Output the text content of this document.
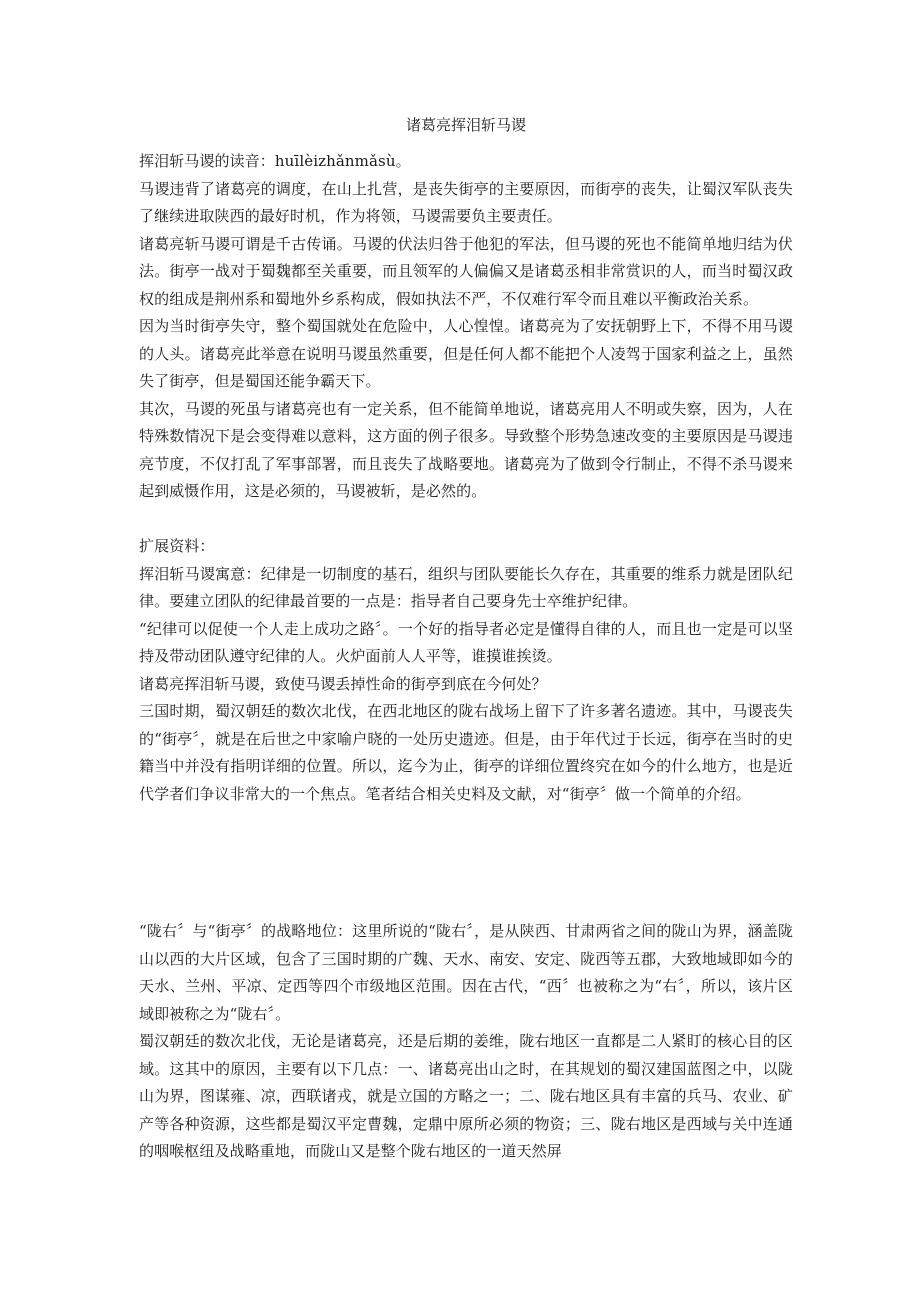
诸葛亮挥泪斩马谡

挥泪斩马谡的读音：huīlèizhǎnmǎsù。

马谡违背了诸葛亮的调度，在山上扎营，是丧失街亭的主要原因，而街亭的丧失，让蜀汉军队丧失了继续进取陕西的最好时机，作为将领，马谡需要负主要责任。

诸葛亮斩马谡可谓是千古传诵。马谡的伏法归咎于他犯的军法，但马谡的死也不能简单地归结为伏法。街亭一战对于蜀魏都至关重要，而且领军的人偏偏又是诸葛丞相非常赏识的人，而当时蜀汉政权的组成是荆州系和蜀地外乡系构成，假如执法不严，不仅难行军令而且难以平衡政治关系。

因为当时街亭失守，整个蜀国就处在危险中，人心惶惶。诸葛亮为了安抚朝野上下，不得不用马谡的人头。诸葛亮此举意在说明马谡虽然重要，但是任何人都不能把个人凌驾于国家利益之上，虽然失了街亭，但是蜀国还能争霸天下。

其次，马谡的死虽与诸葛亮也有一定关系，但不能简单地说，诸葛亮用人不明或失察，因为，人在特殊数情况下是会变得难以意料，这方面的例子很多。导致整个形势急速改变的主要原因是马谡违亮节度，不仅打乱了军事部署，而且丧失了战略要地。诸葛亮为了做到令行制止，不得不杀马谡来起到威慑作用，这是必须的，马谡被斩，是必然的。

扩展资料：

挥泪斩马谡寓意：纪律是一切制度的基石，组织与团队要能长久存在，其重要的维系力就是团队纪律。要建立团队的纪律最首要的一点是：指导者自己要身先士卒维护纪律。

“纪律可以促使一个人走上成功之路〞。一个好的指导者必定是懂得自律的人，而且也一定是可以坚持及带动团队遵守纪律的人。火炉面前人人平等，谁摸谁挨烫。

诸葛亮挥泪斩马谡，致使马谡丢掉性命的街亭到底在今何处？

三国时期，蜀汉朝廷的数次北伐，在西北地区的陇右战场上留下了许多著名遗迹。其中，马谡丧失的“街亭〞，就是在后世之中家喻户晓的一处历史遗迹。但是，由于年代过于长远，街亭在当时的史籍当中并没有指明详细的位置。所以，迄今为止，街亭的详细位置终究在如今的什么地方，也是近代学者们争议非常大的一个焦点。笔者结合相关史料及文献，对“街亭〞做一个简单的介绍。

“陇右〞与“街亭〞的战略地位：这里所说的“陇右〞，是从陕西、甘肃两省之间的陇山为界，涵盖陇山以西的大片区域，包含了三国时期的广魏、天水、南安、安定、陇西等五郡，大致地域即如今的天水、兰州、平凉、定西等四个市级地区范围。因在古代，“西〞也被称之为“右〞，所以，该片区域即被称之为“陇右〞。

蜀汉朝廷的数次北伐，无论是诸葛亮，还是后期的姜维，陇右地区一直都是二人紧盯的核心目的区域。这其中的原因，主要有以下几点：一、诸葛亮出山之时，在其规划的蜀汉建国蓝图之中，以陇山为界，图谋雍、凉，西联诸戎，就是立国的方略之一；二、陇右地区具有丰富的兵马、农业、矿产等各种资源，这些都是蜀汉平定曹魏，定鼎中原所必须的物资；三、陇右地区是西域与关中连通的咽喉枢纽及战略重地，而陇山又是整个陇右地区的一道天然屏
